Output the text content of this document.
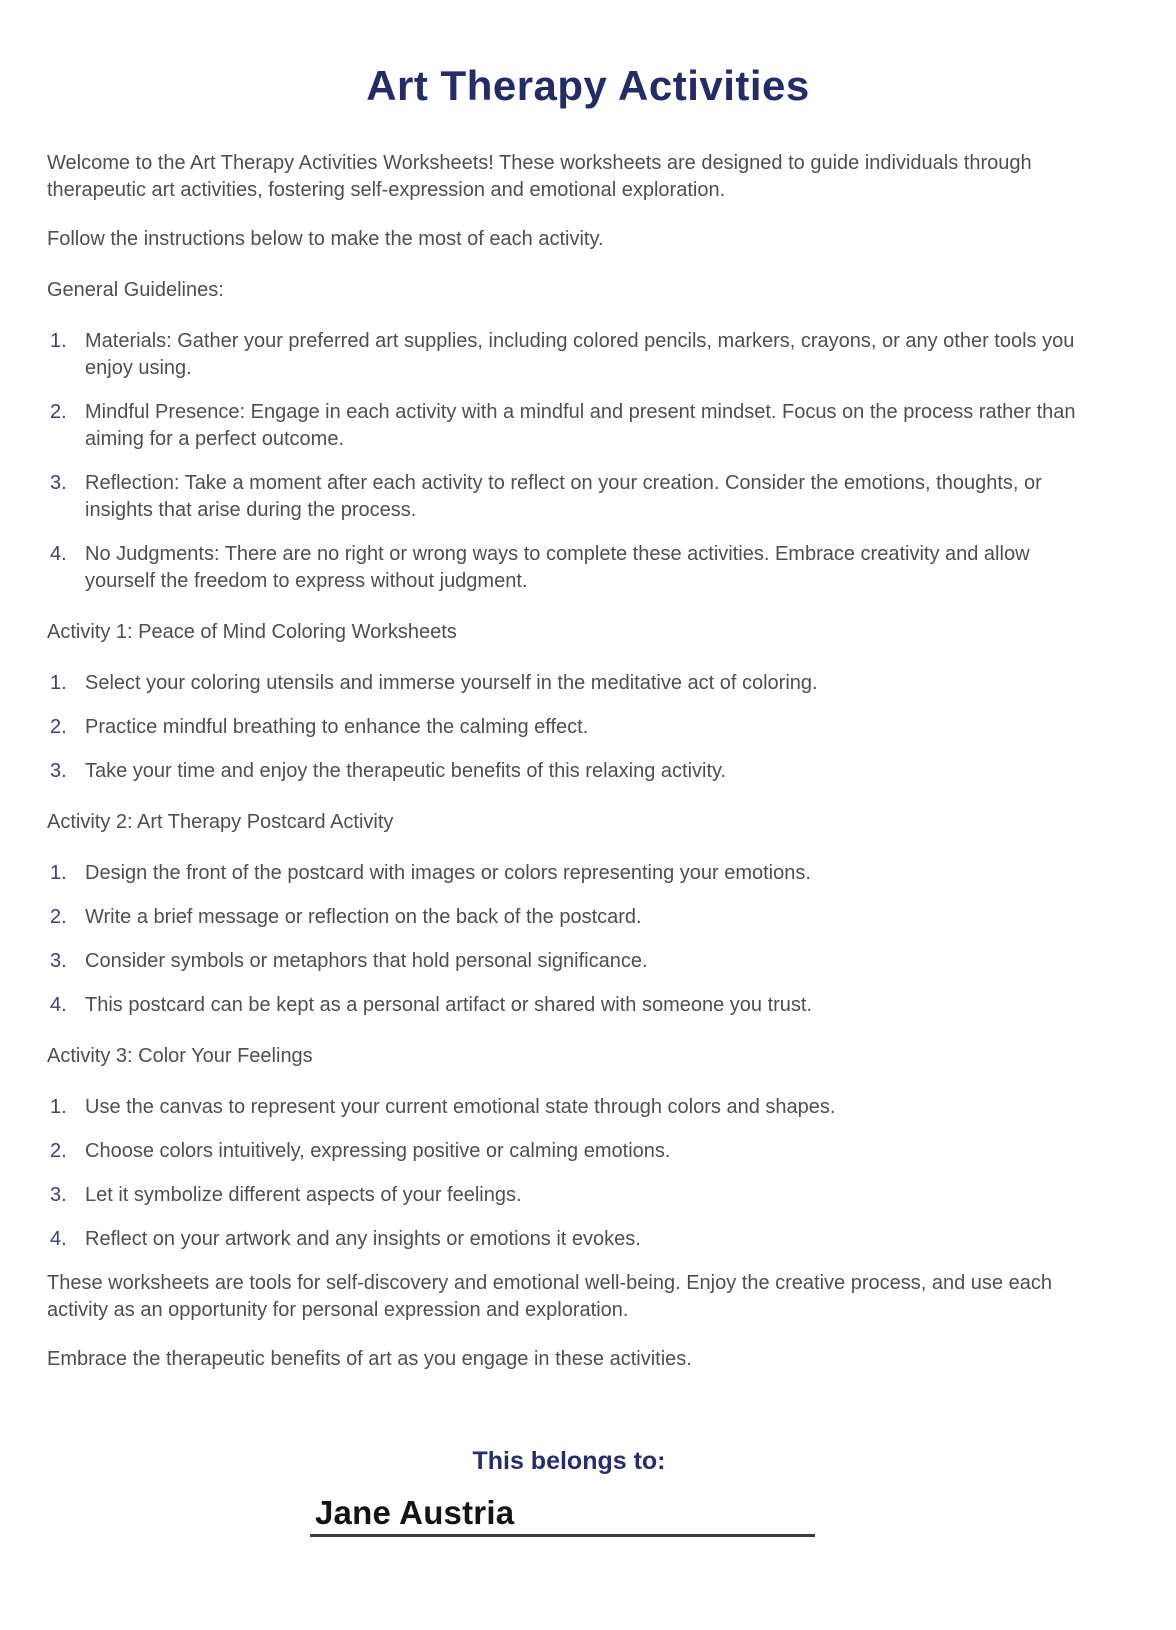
Art Therapy Activities

Welcome to the Art Therapy Activities Worksheets! These worksheets are designed to guide individuals through therapeutic art activities, fostering self-expression and emotional exploration.

Follow the instructions below to make the most of each activity.

General Guidelines:
1. Materials: Gather your preferred art supplies, including colored pencils, markers, crayons, or any other tools you enjoy using.
2. Mindful Presence: Engage in each activity with a mindful and present mindset. Focus on the process rather than aiming for a perfect outcome.
3. Reflection: Take a moment after each activity to reflect on your creation. Consider the emotions, thoughts, or insights that arise during the process.
4. No Judgments: There are no right or wrong ways to complete these activities. Embrace creativity and allow yourself the freedom to express without judgment.
Activity 1: Peace of Mind Coloring Worksheets
1. Select your coloring utensils and immerse yourself in the meditative act of coloring.
2. Practice mindful breathing to enhance the calming effect.
3. Take your time and enjoy the therapeutic benefits of this relaxing activity.
Activity 2: Art Therapy Postcard Activity
1. Design the front of the postcard with images or colors representing your emotions.
2. Write a brief message or reflection on the back of the postcard.
3. Consider symbols or metaphors that hold personal significance.
4. This postcard can be kept as a personal artifact or shared with someone you trust.
Activity 3: Color Your Feelings
1. Use the canvas to represent your current emotional state through colors and shapes.
2. Choose colors intuitively, expressing positive or calming emotions.
3. Let it symbolize different aspects of your feelings.
4. Reflect on your artwork and any insights or emotions it evokes.

These worksheets are tools for self-discovery and emotional well-being. Enjoy the creative process, and use each activity as an opportunity for personal expression and exploration.

Embrace the therapeutic benefits of art as you engage in these activities.

This belongs to:
Jane Austria
